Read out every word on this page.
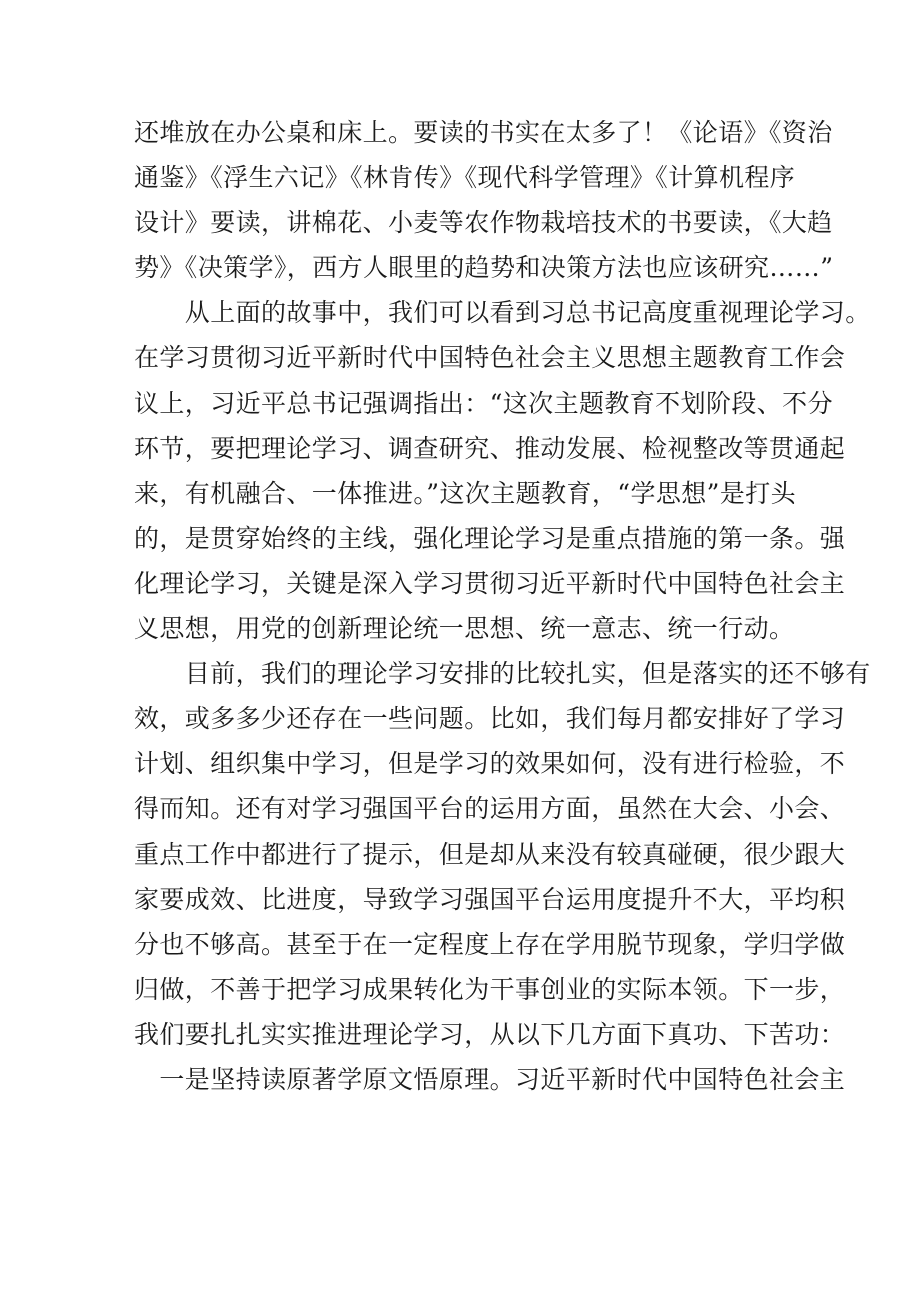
还堆放在办公桌和床上。要读的书实在太多了！《论语》《资治
通鉴》《浮生六记》《林肯传》《现代科学管理》《计算机程序
设计》要读，讲棉花、小麦等农作物栽培技术的书要读，《大趋
势》《决策学》，西方人眼里的趋势和决策方法也应该研究……”
　　从上面的故事中，我们可以看到习总书记高度重视理论学习。
在学习贯彻习近平新时代中国特色社会主义思想主题教育工作会
议上，习近平总书记强调指出：“这次主题教育不划阶段、不分
环节，要把理论学习、调查研究、推动发展、检视整改等贯通起
来，有机融合、一体推进。”这次主题教育，“学思想”是打头
的，是贯穿始终的主线，强化理论学习是重点措施的第一条。强
化理论学习，关键是深入学习贯彻习近平新时代中国特色社会主
义思想，用党的创新理论统一思想、统一意志、统一行动。
　　目前，我们的理论学习安排的比较扎实，但是落实的还不够有
效，或多多少还存在一些问题。比如，我们每月都安排好了学习
计划、组织集中学习，但是学习的效果如何，没有进行检验，不
得而知。还有对学习强国平台的运用方面，虽然在大会、小会、
重点工作中都进行了提示，但是却从来没有较真碰硬，很少跟大
家要成效、比进度，导致学习强国平台运用度提升不大，平均积
分也不够高。甚至于在一定程度上存在学用脱节现象，学归学做
归做，不善于把学习成果转化为干事创业的实际本领。下一步，
我们要扎扎实实推进理论学习，从以下几方面下真功、下苦功：
　一是坚持读原著学原文悟原理。习近平新时代中国特色社会主
